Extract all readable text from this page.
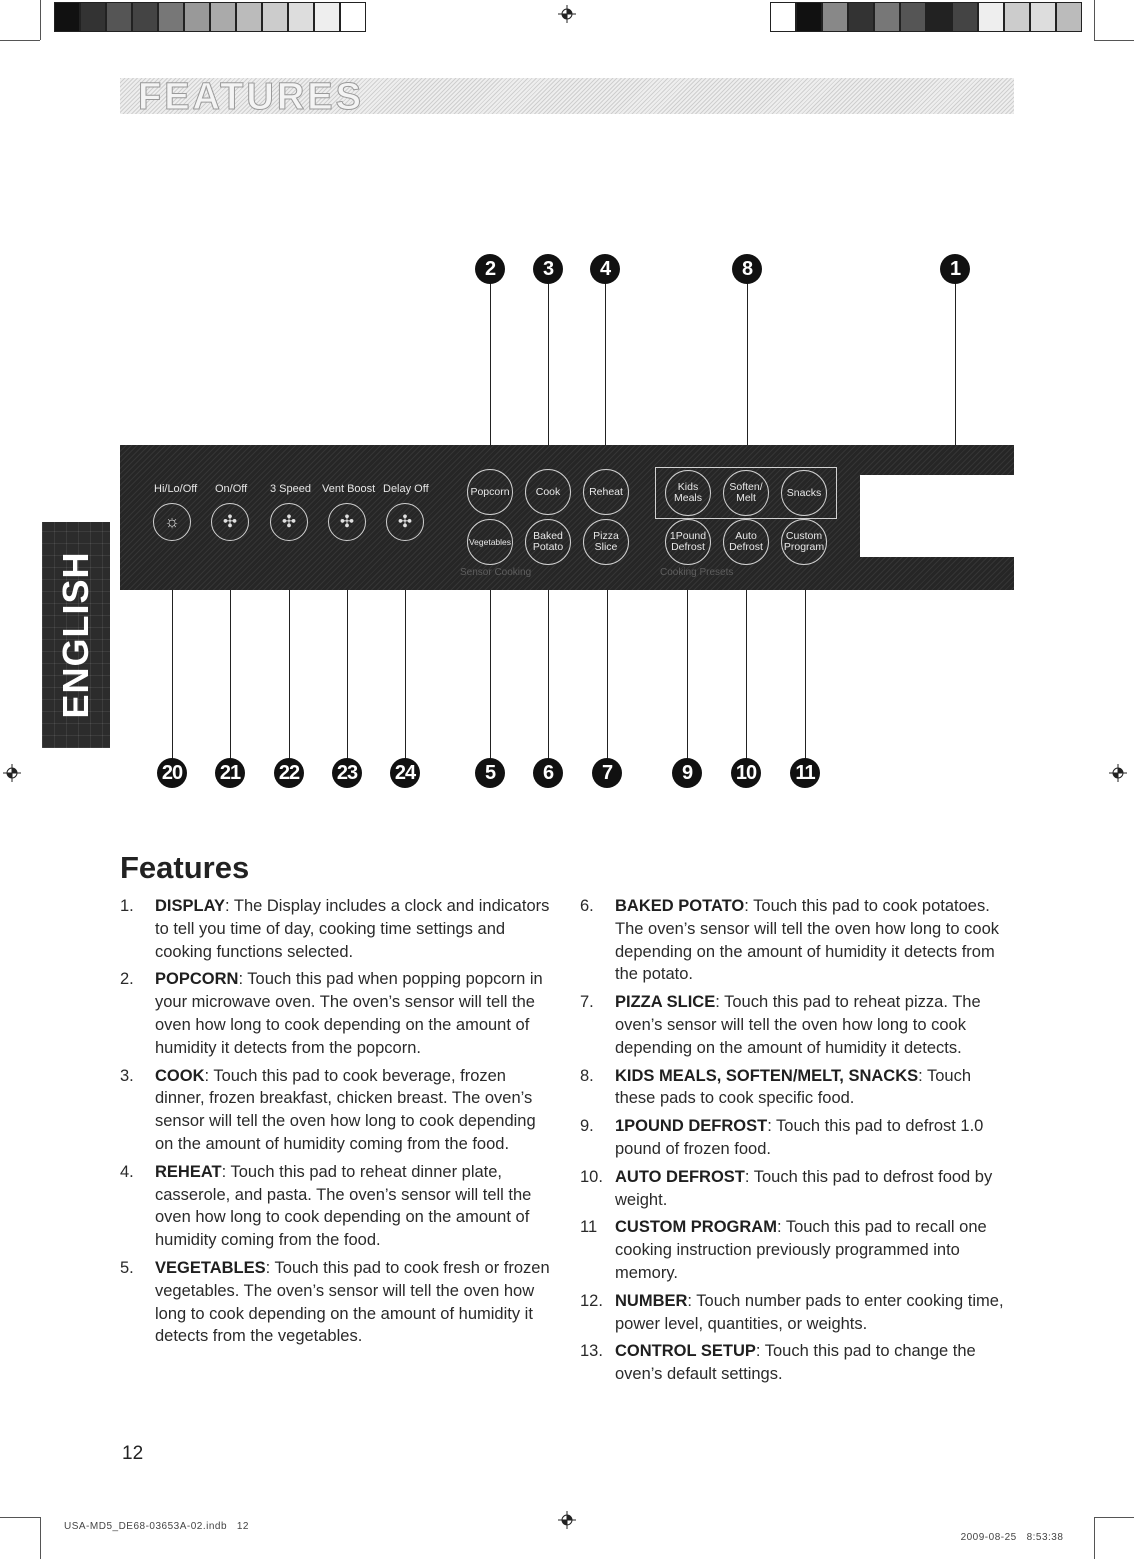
FEATURES
ENGLISH
Hi/Lo/Off
☼
On/Off
✣
3 Speed
✣
Vent Boost
✣
Delay Off
✣
Popcorn Cook	Reheat
Vegetables	Baked Potato
Pizza Slice
Sensor Cooking
Kids Meals
Soften/ Melt	Snacks
1Pound Defrost
Auto Defrost
Custom Program
Cooking Presets
2	3	4	8	1
20 21 22 23 24	5	6	7	9	10 11
Features
1. DISPLAY: The Display includes a clock and indicators to tell you time of day, cooking time settings and cooking functions selected.
2. POPCORN: Touch this pad when popping popcorn in your microwave oven. The oven’s sensor will tell the oven how long to cook depending on the amount of humidity it detects from the popcorn.
3. COOK: Touch this pad to cook beverage, frozen dinner, frozen breakfast, chicken breast. The oven’s sensor will tell the oven how long to cook depending on the amount of humidity coming from the food.
4. REHEAT: Touch this pad to reheat dinner plate, casserole, and pasta. The oven’s sensor will tell the oven how long to cook depending on the amount of humidity coming from the food.
5. VEGETABLES: Touch this pad to cook fresh or frozen vegetables. The oven’s sensor will tell the oven how long to cook depending on the amount of humidity it detects from the vegetables.
6. BAKED POTATO: Touch this pad to cook potatoes. The oven’s sensor will tell the oven how long to cook depending on the amount of humidity it detects from the potato.
7. PIZZA SLICE: Touch this pad to reheat pizza. The oven’s sensor will tell the oven how long to cook depending on the amount of humidity it detects.
8. KIDS MEALS, SOFTEN/MELT, SNACKS: Touch these pads to cook specific food.
9. 1POUND DEFROST: Touch this pad to defrost 1.0 pound of frozen food.
10. AUTO DEFROST: Touch this pad to defrost food by weight.
11 CUSTOM PROGRAM: Touch this pad to recall one cooking instruction previously programmed into memory.
12. NUMBER: Touch number pads to enter cooking time, power level, quantities, or weights.
13. CONTROL SETUP: Touch this pad to change the oven’s default settings.
12
USA-MD5_DE68-03653A-02.indb   12

2009-08-25 8:53:38
